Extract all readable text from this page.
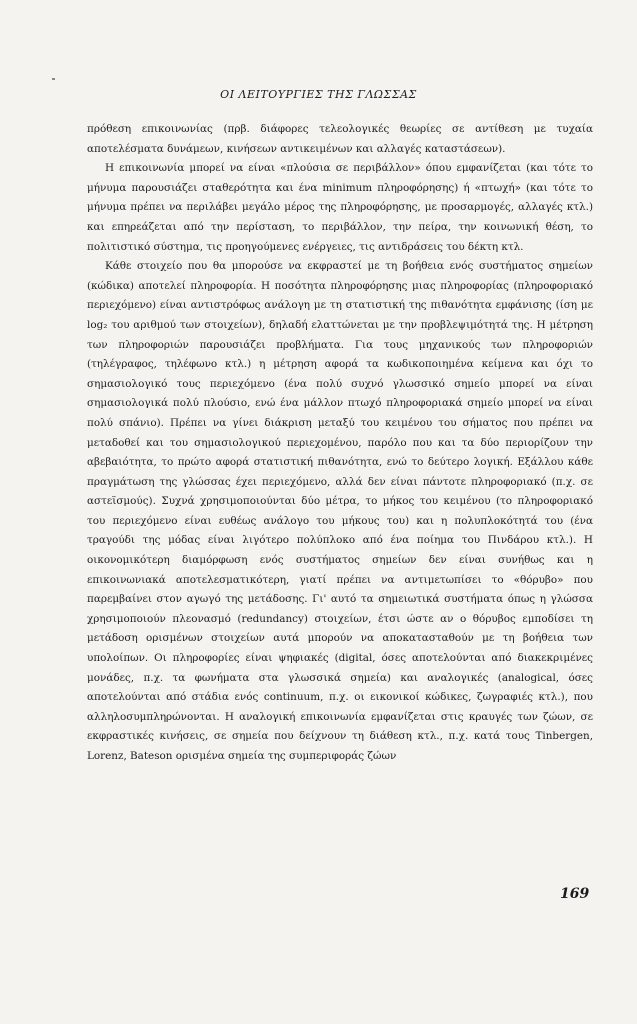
ΟΙ ΛΕΙΤΟΥΡΓΙΕΣ ΤΗΣ ΓΛΩΣΣΑΣ

πρόθεση επικοινωνίας (πρβ. διάφορες τελεολογικές θεωρίες σε αντίθεση με τυχαία αποτελέσματα δυνάμεων, κινήσεων αντικειμένων και αλλαγές καταστάσεων).

Η επικοινωνία μπορεί να είναι «πλούσια σε περιβάλλον» όπου εμφανίζεται (και τότε το μήνυμα παρουσιάζει σταθερότητα και ένα minimum πληροφόρησης) ή «πτωχή» (και τότε το μήνυμα πρέπει να περιλάβει μεγάλο μέρος της πληροφόρησης, με προσαρμογές, αλλαγές κτλ.) και επηρεάζεται από την περίσταση, το περιβάλλον, την πείρα, την κοινωνική θέση, το πολιτιστικό σύστημα, τις προηγούμενες ενέργειες, τις αντιδράσεις του δέκτη κτλ.

Κάθε στοιχείο που θα μπορούσε να εκφραστεί με τη βοήθεια ενός συστήματος σημείων (κώδικα) αποτελεί πληροφορία. Η ποσότητα πληροφόρησης μιας πληροφορίας (πληροφοριακό περιεχόμενο) είναι αντιστρόφως ανάλογη με τη στατιστική της πιθανότητα εμφάνισης (ίση με log₂ του αριθμού των στοιχείων), δηλαδή ελαττώνεται με την προβλεψιμότητά της. Η μέτρηση των πληροφοριών παρουσιάζει προβλήματα. Για τους μηχανικούς των πληροφοριών (τηλέγραφος, τηλέφωνο κτλ.) η μέτρηση αφορά τα κωδικοποιημένα κείμενα και όχι το σημασιολογικό τους περιεχόμενο (ένα πολύ συχνό γλωσσικό σημείο μπορεί να είναι σημασιολογικά πολύ πλούσιο, ενώ ένα μάλλον πτωχό πληροφοριακά σημείο μπορεί να είναι πολύ σπάνιο). Πρέπει να γίνει διάκριση μεταξύ του κειμένου του σήματος που πρέπει να μεταδοθεί και του σημασιολογικού περιεχομένου, παρόλο που και τα δύο περιορίζουν την αβεβαιότητα, το πρώτο αφορά στατιστική πιθανότητα, ενώ το δεύτερο λογική. Εξάλλου κάθε πραγμάτωση της γλώσσας έχει περιεχόμενο, αλλά δεν είναι πάντοτε πληροφοριακό (π.χ. σε αστεϊσμούς). Συχνά χρησιμοποιούνται δύο μέτρα, το μήκος του κειμένου (το πληροφοριακό του περιεχόμενο είναι ευθέως ανάλογο του μήκους του) και η πολυπλοκότητά του (ένα τραγούδι της μόδας είναι λιγότερο πολύπλοκο από ένα ποίημα του Πινδάρου κτλ.). Η οικονομικότερη διαμόρφωση ενός συστήματος σημείων δεν είναι συνήθως και η επικοινωνιακά αποτελεσματικότερη, γιατί πρέπει να αντιμετωπίσει το «θόρυβο» που παρεμβαίνει στον αγωγό της μετάδοσης. Γι' αυτό τα σημειωτικά συστήματα όπως η γλώσσα χρησιμοποιούν πλεονασμό (redundancy) στοιχείων, έτσι ώστε αν ο θόρυβος εμποδίσει τη μετάδοση ορισμένων στοιχείων αυτά μπορούν να αποκατασταθούν με τη βοήθεια των υπολοίπων. Οι πληροφορίες είναι ψηφιακές (digital, όσες αποτελούνται από διακεκριμένες μονάδες, π.χ. τα φωνήματα στα γλωσσικά σημεία) και αναλογικές (analogical, όσες αποτελούνται από στάδια ενός continuum, π.χ. οι εικονικοί κώδικες, ζωγραφιές κτλ.), που αλληλοσυμπληρώνονται. Η αναλογική επικοινωνία εμφανίζεται στις κραυγές των ζώων, σε εκφραστικές κινήσεις, σε σημεία που δείχνουν τη διάθεση κτλ., π.χ. κατά τους Tinbergen, Lorenz, Bateson ορισμένα σημεία της συμπεριφοράς ζώων

169
